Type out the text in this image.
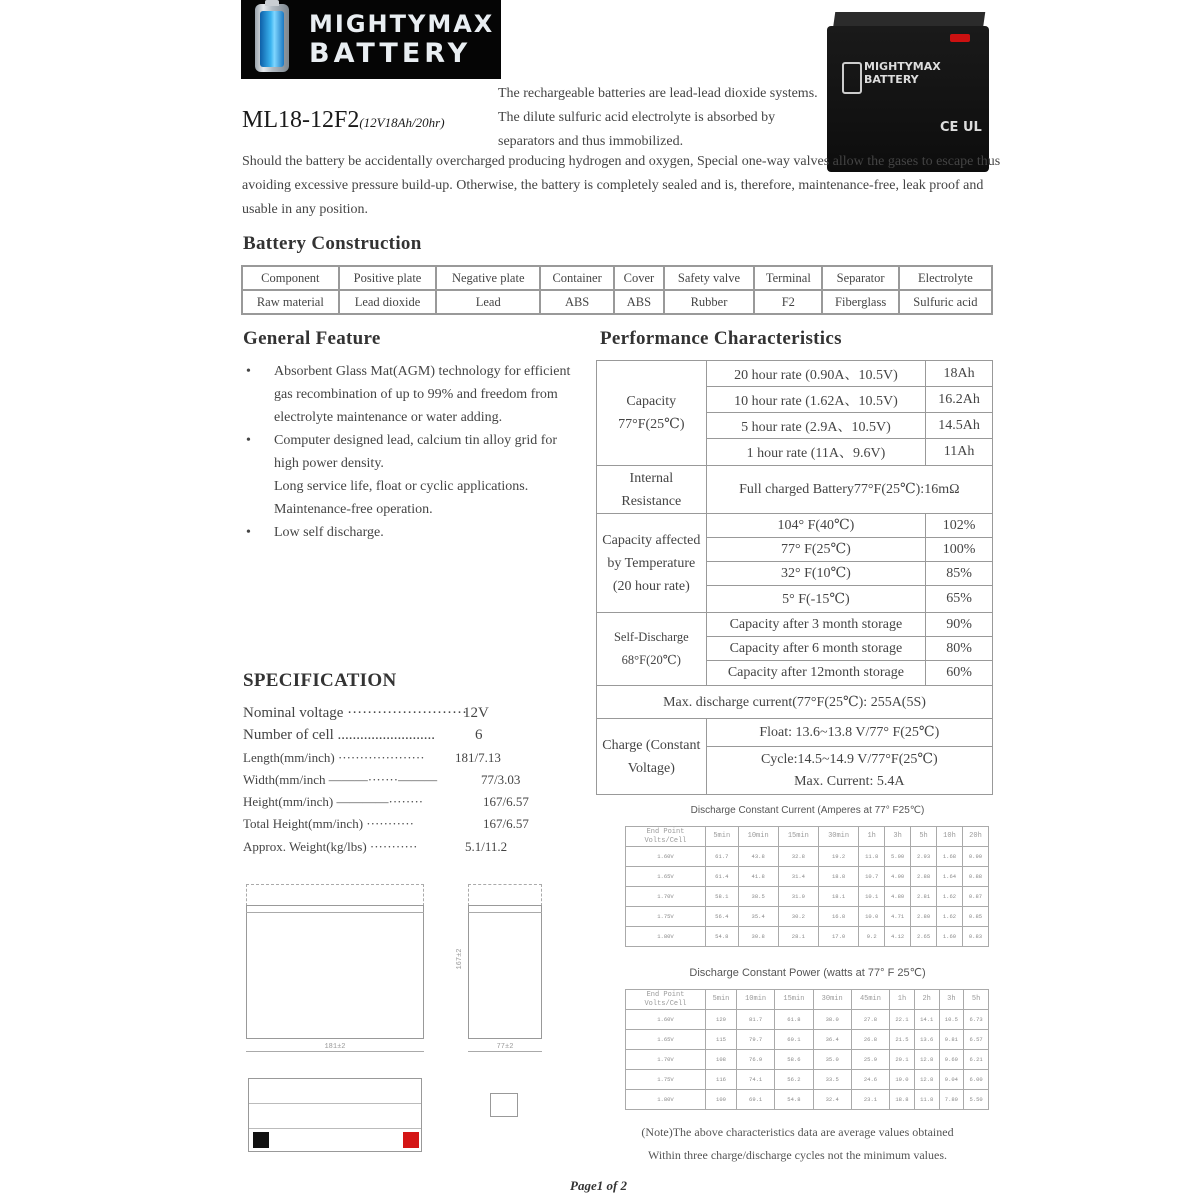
MIGHTYMAX
BATTERY	MIGHTYMAX BATTERY
CE UL
ML18-12F2(12V18Ah/20hr)
The rechargeable batteries are lead-lead dioxide systems. The dilute sulfuric acid electrolyte is absorbed by separators and thus immobilized.
Should the battery be accidentally overcharged producing hydrogen and oxygen, Special one-way valves allow the gases to escape thus avoiding excessive pressure build-up. Otherwise, the battery is completely sealed and is, therefore, maintenance-free, leak proof and usable in any position.
Battery Construction
Component	Positive plate	Negative plate	Container	Cover	Safety valve	Terminal	Separator	Electrolyte
Raw material	Lead dioxide	Lead	ABS	ABS	Rubber	F2	Fiberglass	Sulfuric acid
General Feature
• Absorbent Glass Mat(AGM) technology for efficient gas recombination of up to 99% and freedom from electrolyte maintenance or water adding.
• Computer designed lead, calcium tin alloy grid for high power density.
Long service life, float or cyclic applications.
Maintenance-free operation.
• Low self discharge.
Performance Characteristics
Capacity 77°F(25℃)	20 hour rate (0.90A、10.5V)	18Ah
	10 hour rate (1.62A、10.5V)	16.2Ah
	5 hour rate (2.9A、10.5V)	14.5Ah
	1 hour rate (11A、9.6V)	11Ah
Internal Resistance	Full charged Battery77°F(25℃):16mΩ	
Capacity affected by Temperature (20 hour rate)	104° F(40℃)	102%
	77° F(25℃)	100%
	32° F(10℃)	85%
	5° F(-15℃)	65%
Self-Discharge 68°F(20℃)	Capacity after 3 month storage	90%
	Capacity after 6 month storage	80%
	Capacity after 12month storage	60%
Max. discharge current(77°F(25℃): 255A(5S)		
Charge (Constant Voltage)	Float: 13.6~13.8 V/77° F(25℃)	

	Cycle:14.5~14.9 V/77°F(25℃)
Max. Current: 5.4A	
SPECIFICATION
Nominal voltage ························
12V
Number of cell ..........................	6
Length(mm/inch) ···················· 181/7.13
Width(mm/inch ———·······———	77/3.03
Height(mm/inch) ————········	167/6.57
Total Height(mm/inch) ···········	167/6.57
Approx. Weight(kg/lbs) ···········	5.1/11.2
Discharge Constant Current (Amperes at 77° F25℃)
End Point Volts/Cell	5min	10min	15min	30min	1h	3h	5h	10h	20h
1.60V	61.7	43.8	32.8	19.2	11.8	5.00	2.93	1.68	0.90
1.65V	61.4	41.8	31.4	18.8	10.7	4.90	2.88	1.64	0.88
1.70V	58.1	38.5	31.0	18.1	10.1	4.80	2.81	1.62	0.87
1.75V	56.4	35.4	30.2	16.8	10.0	4.71	2.80	1.62	0.85
1.80V	54.8	30.8	28.1	17.0	9.2	4.12	2.65	1.60	0.83
Discharge Constant Power (watts at 77° F 25℃)
End Point Volts/Cell	5min	10min	15min	30min	45min	1h	2h	3h	5h
1.60V	120	81.7	61.8	38.0	27.8	22.1	14.1	10.5	6.73
1.65V	115	79.7	60.1	36.4	26.8	21.5	13.6	9.81	6.57
1.70V	108	76.9	58.6	35.0	25.9	20.1	12.8	9.60	6.21
1.75V	116	74.1	56.2	33.5	24.6	19.0	12.8	9.04	6.00
1.80V	100	69.1	54.8	32.4	23.1	18.8	11.8	7.80	5.50
181±2
167±2
77±2
(Note)The above characteristics data are average values obtained
Within three charge/discharge cycles not the minimum values.
Page1 of 2
